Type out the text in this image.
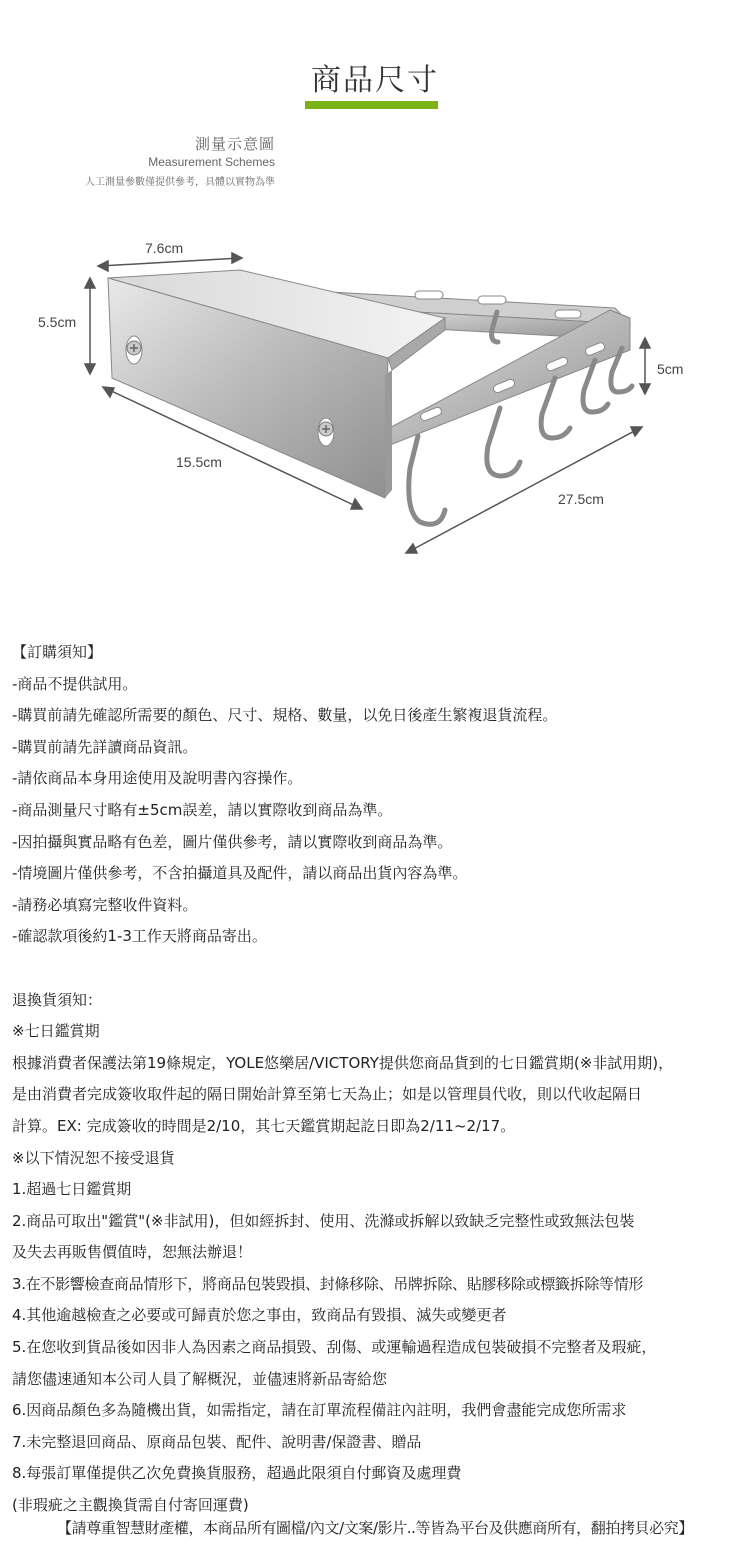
商品尺寸
測量示意圖
Measurement Schemes
人工測量參數僅提供參考，具體以實物為準
7.6cm
5.5cm
15.5cm
5cm
27.5cm
【訂購須知】
-商品不提供試用。
-購買前請先確認所需要的顏色、尺寸、規格、數量，以免日後產生繁複退貨流程。
-購買前請先詳讀商品資訊。
-請依商品本身用途使用及說明書內容操作。
-商品測量尺寸略有±5cm誤差，請以實際收到商品為準。
-因拍攝與實品略有色差，圖片僅供參考，請以實際收到商品為準。
-情境圖片僅供參考，不含拍攝道具及配件，請以商品出貨內容為準。
-請務必填寫完整收件資料。
-確認款項後約1-3工作天將商品寄出。
退換貨須知：
※七日鑑賞期
根據消費者保護法第19條規定，YOLE悠樂居/VICTORY提供您商品貨到的七日鑑賞期(※非試用期)，
是由消費者完成簽收取件起的隔日開始計算至第七天為止；如是以管理員代收，則以代收起隔日
計算。EX: 完成簽收的時間是2/10，其七天鑑賞期起訖日即為2/11~2/17。
※以下情況恕不接受退貨
1.超過七日鑑賞期
2.商品可取出"鑑賞"(※非試用)，但如經拆封、使用、洗滌或拆解以致缺乏完整性或致無法包裝
及失去再販售價值時，恕無法辦退！
3.在不影響檢查商品情形下，將商品包裝毀損、封條移除、吊牌拆除、貼膠移除或標籤拆除等情形
4.其他逾越檢查之必要或可歸責於您之事由，致商品有毀損、滅失或變更者
5.在您收到貨品後如因非人為因素之商品損毀、刮傷、或運輸過程造成包裝破損不完整者及瑕疵，
請您儘速通知本公司人員了解概況，並儘速將新品寄給您
6.因商品顏色多為隨機出貨，如需指定，請在訂單流程備註內註明，我們會盡能完成您所需求
7.未完整退回商品、原商品包裝、配件、說明書/保證書、贈品
8.每張訂單僅提供乙次免費換貨服務，超過此限須自付郵資及處理費
(非瑕疵之主觀換貨需自付寄回運費)
【請尊重智慧財產權，本商品所有圖檔/內文/文案/影片..等皆為平台及供應商所有，翻拍拷貝必究】
